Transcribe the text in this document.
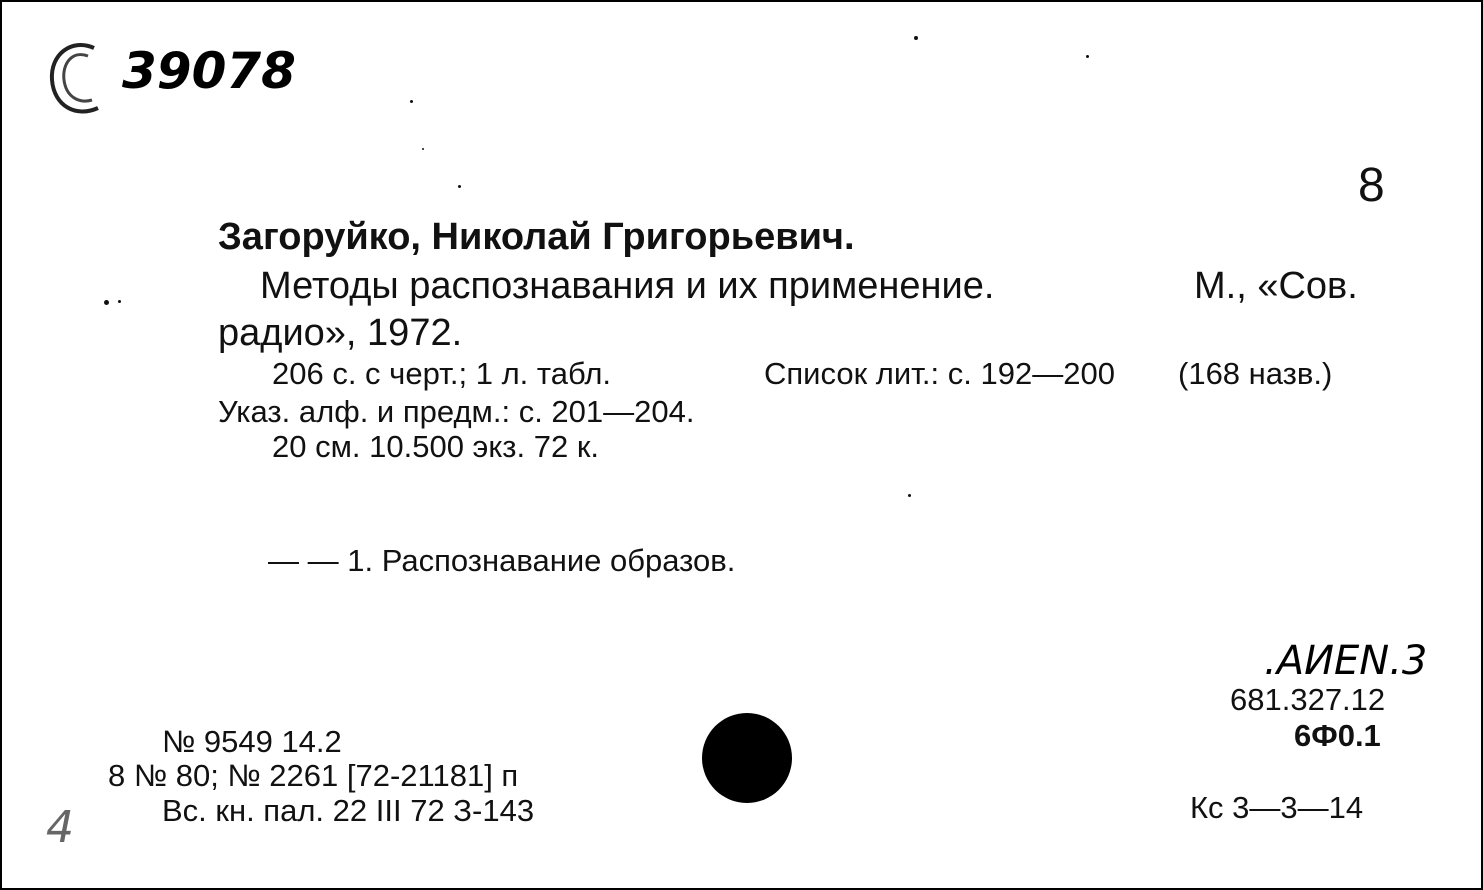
39078
8
Загоруйко, Николай Григорьевич.
Методы распознавания и их применение.	М., «Сов.
радио», 1972.
206 с. с черт.; 1 л. табл.	Список лит.: с. 192—200 (168 назв.)
Указ. алф. и предм.: с. 201—204.
20 см. 10.500 экз. 72 к.
— — 1. Распознавание образов.
.АИЕN.3
681.327.12
6Ф0.1
Кс 3—3—14
№ 9549 14.2
8 № 80; № 2261 [72-21181] п
Вс. кн. пал. 22 III 72 З-143
4
